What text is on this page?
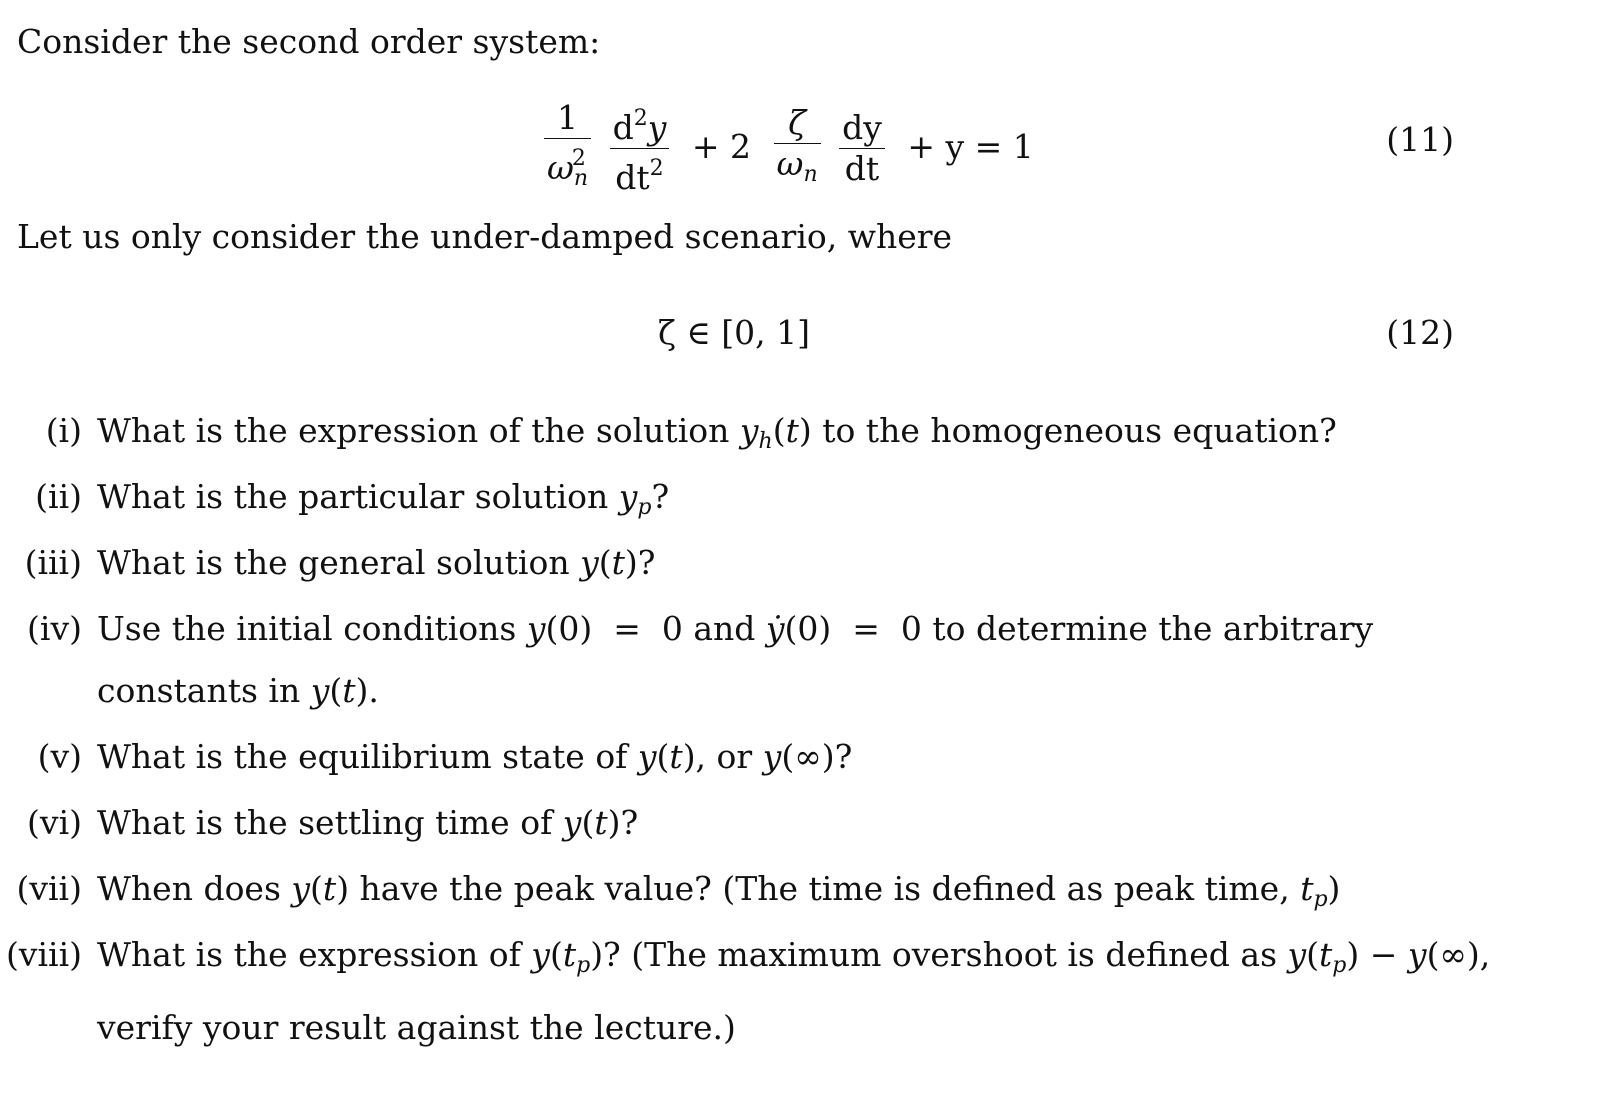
Consider the second order system:
$\frac{1}{\omega^2_n}$
$\frac{d^2y}{dt^2} + 2 \frac{\zeta}{\omega_n}$
$\frac{dy}{dt} + y = 1$	(11)
Let us only consider the under-damped scenario, where
ζ ∈ [0, 1]	(12)
(i) What is the expression of the solution $y_h(t)$ to the homogeneous equation?
(ii) What is the particular solution $y_p$?
(iii) What is the general solution y(t)?
(iv) Use the initial conditions y(0)  =  0 and ẏ(0)  =  0 to determine the arbitrary constants in y(t).
(v) What is the equilibrium state of y(t), or y(∞)?
(vi) What is the settling time of y(t)?
(vii) When does y(t) have the peak value? (The time is defined as peak time, $t_p$)
(viii) What is the expression of $y(t_p)$? (The maximum overshoot is defined as $y(t_p) - y(\infty)$, verify your result against the lecture.)
